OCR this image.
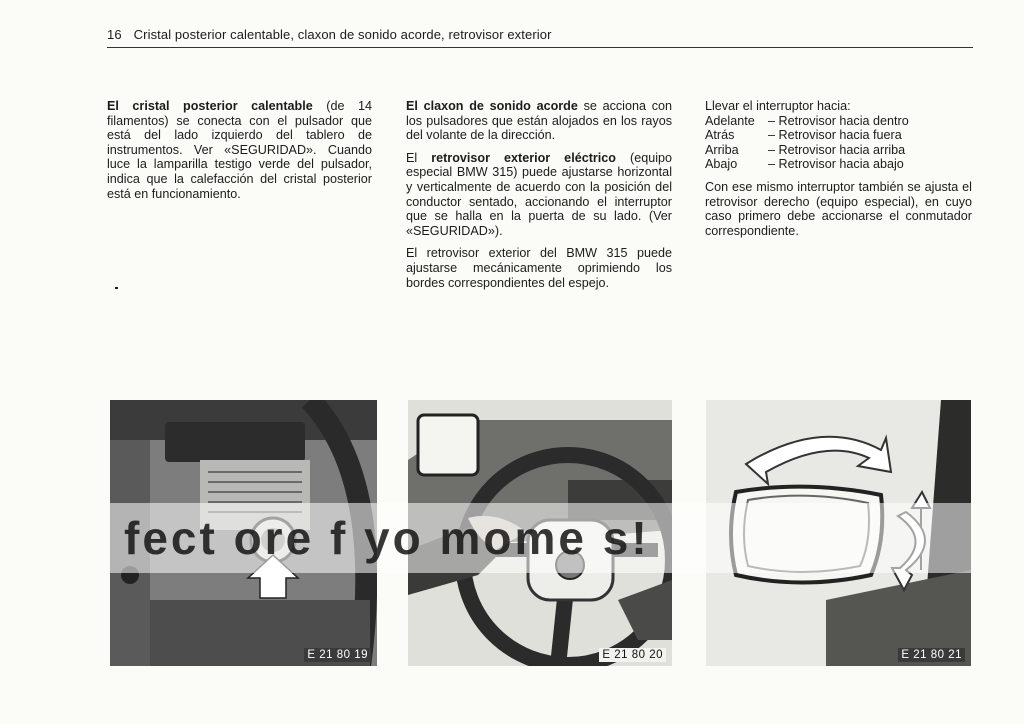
16 Cristal posterior calentable, claxon de sonido acorde, retrovisor exterior

El cristal posterior calentable (de 14 filamentos) se conecta con el pulsador que está del lado izquierdo del tablero de instrumentos. Ver «SEGURIDAD». Cuando luce la lamparilla testigo verde del pulsador, indica que la calefacción del cristal posterior está en funcionamiento.

El claxon de sonido acorde se acciona con los pulsadores que están alojados en los rayos del volante de la dirección.

El retrovisor exterior eléctrico (equipo especial BMW 315) puede ajustarse horizontal y verticalmente de acuerdo con la posición del conductor sentado, accionando el interruptor que se halla en la puerta de su lado. (Ver «SEGURIDAD»).

El retrovisor exterior del BMW 315 puede ajustarse mecánicamente oprimiendo los bordes correspondientes del espejo.

Llevar el interruptor hacia:
Adelante	– Retrovisor hacia dentro
Atrás	– Retrovisor hacia fuera
Arriba	– Retrovisor hacia arriba
Abajo	– Retrovisor hacia abajo
Con ese mismo interruptor también se ajusta el retrovisor derecho (equipo especial), en cuyo caso primero debe accionarse el conmutador correspondiente.
E 21 80 19	E 21 80 20	E 21 80 21
fect ore f yo mome s!
